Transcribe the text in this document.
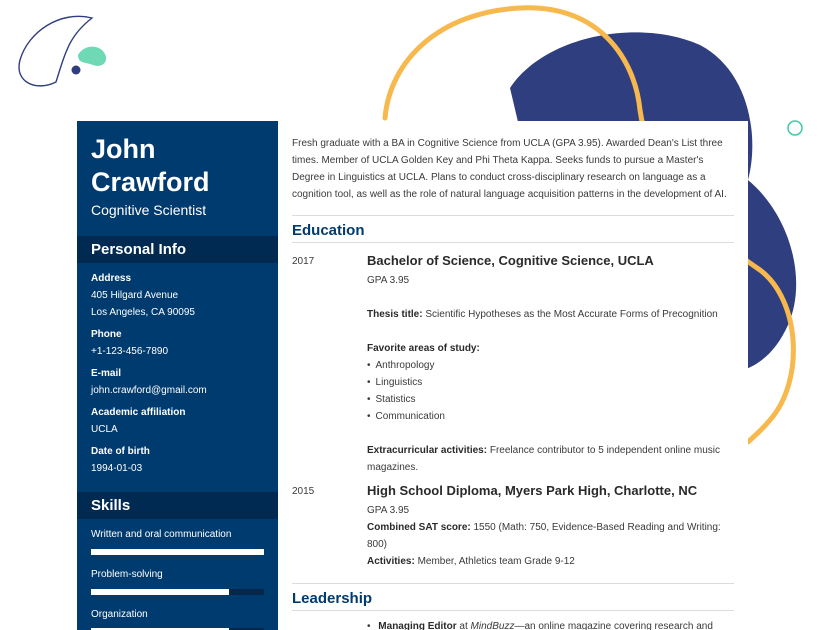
John
Crawford
Cognitive Scientist
Personal Info
Address
405 Hilgard Avenue
Los Angeles, CA 90095
Phone
+1-123-456-7890
E-mail
john.crawford@gmail.com
Academic affiliation
UCLA
Date of birth
1994-01-03
Skills
Written and oral communication
Problem-solving
Organization
Fresh graduate with a BA in Cognitive Science from UCLA (GPA 3.95). Awarded Dean's List three times. Member of UCLA Golden Key and Phi Theta Kappa. Seeks funds to pursue a Master's Degree in Linguistics at UCLA. Plans to conduct cross-disciplinary research on language as a cognition tool, as well as the role of natural language acquisition patterns in the development of AI.
Education
2017	Bachelor of Science, Cognitive Science, UCLA
GPA 3.95
Thesis title: Scientific Hypotheses as the Most Accurate Forms of Precognition
Favorite areas of study:
• Anthropology
• Linguistics
• Statistics
• Communication
Extracurricular activities: Freelance contributor to 5 independent online music magazines.
2015	High School Diploma, Myers Park High, Charlotte, NC
GPA 3.95
Combined SAT score: 1550 (Math: 750, Evidence-Based Reading and Writing: 800)
Activities: Member, Athletics team Grade 9-12
Leadership
• Managing Editor at MindBuzz—an online magazine covering research and
